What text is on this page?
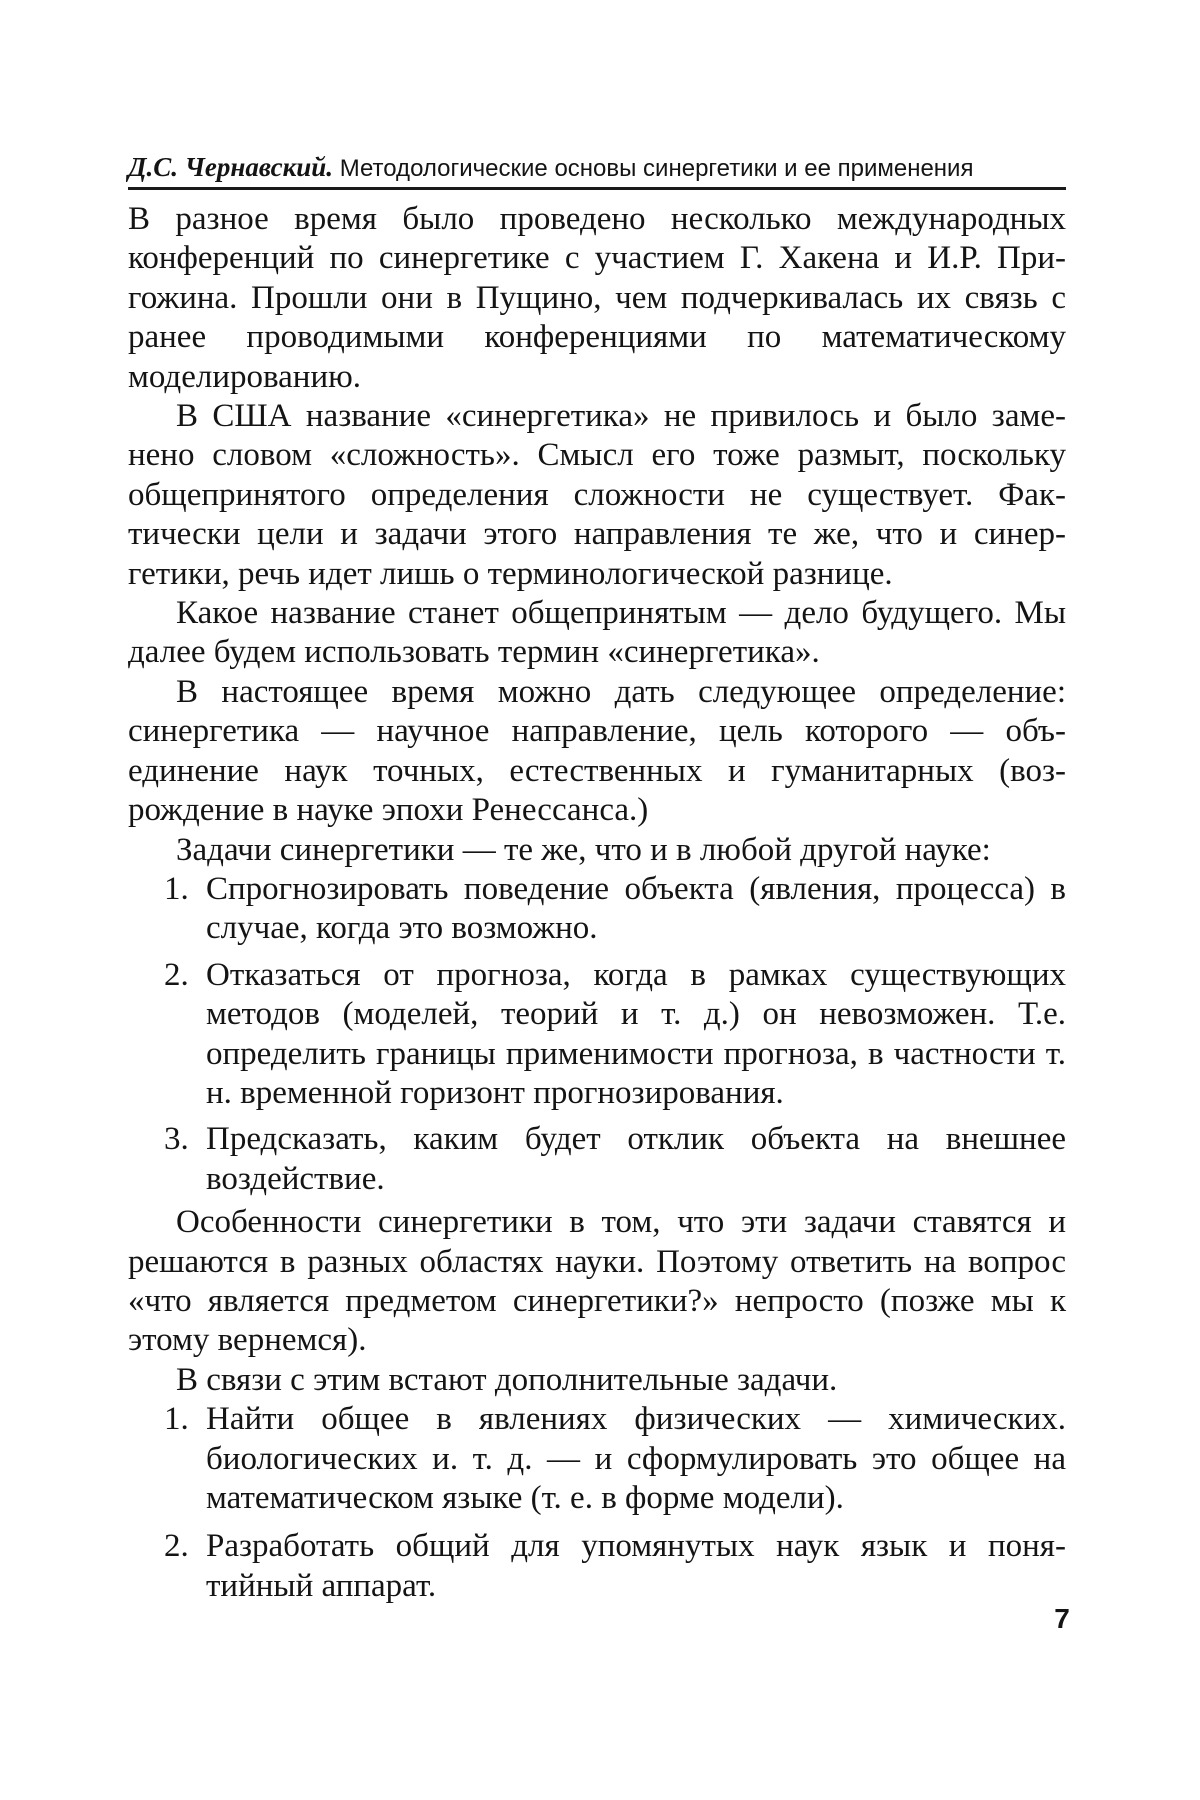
Д.С. Чернавский. Методологические основы синергетики и ее применения

В разное время было проведено несколько международных конференций по синергетике с участием Г. Хакена и И.Р. Пригожина. Прошли они в Пущино, чем подчеркивалась их связь с ранее проводимыми конференциями по математическому моделированию.

В США название «синергетика» не привилось и было заменено словом «сложность». Смысл его тоже размыт, поскольку общепринятого определения сложности не существует. Фактически цели и задачи этого направления те же, что и синергетики, речь идет лишь о терминологической разнице.

Какое название станет общепринятым — дело будущего. Мы далее будем использовать термин «синергетика».

В настоящее время можно дать следующее определение: синергетика — научное направление, цель которого — объединение наук точных, естественных и гуманитарных (возрождение в науке эпохи Ренессанса.)

Задачи синергетики — те же, что и в любой другой науке:

1. Спрогнозировать поведение объекта (явления, процесса) в случае, когда это возможно.
2. Отказаться от прогноза, когда в рамках существующих методов (моделей, теорий и т. д.) он невозможен. Т.е. определить границы применимости прогноза, в частности т. н. временной горизонт прогнозирования.
3. Предсказать, каким будет отклик объекта на внешнее воздействие.

Особенности синергетики в том, что эти задачи ставятся и решаются в разных областях науки. Поэтому ответить на вопрос «что является предметом синергетики?» непросто (позже мы к этому вернемся).

В связи с этим встают дополнительные задачи.

1. Найти общее в явлениях физических — химических. биологических и. т. д. — и сформулировать это общее на математическом языке (т. е. в форме модели).
2. Разработать общий для упомянутых наук язык и понятийный аппарат.
7
